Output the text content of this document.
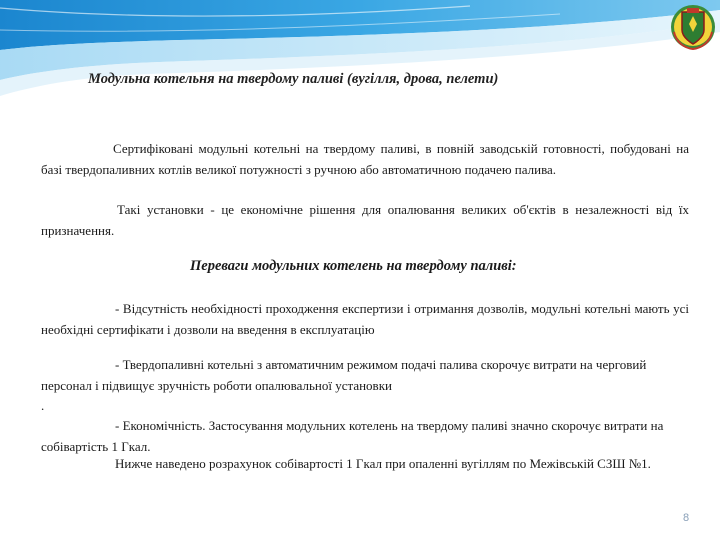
Модульна котельня на твердому паливі (вугілля, дрова, пелети)

Сертифіковані модульні котельні на твердому паливі, в повній заводській готовності, побудовані на базі твердопаливних котлів великої потужності з ручною або автоматичною подачею палива.

Такі установки - це економічне рішення для опалювання великих об'єктів в незалежності від їх призначення.

Переваги модульних котелень на твердому паливі:

- Відсутність необхідності проходження експертизи і отримання дозволів, модульні котельні мають усі необхідні сертифікати і дозволи на введення в експлуатацію

- Твердопаливні котельні з автоматичним режимом подачі палива скорочує витрати на черговий персонал і підвищує зручність роботи опалювальної установки

.

- Економічність. Застосування модульних котелень на твердому паливі значно скорочує витрати на собівартість 1 Гкал.

Нижче наведено розрахунок собівартості 1 Гкал при опаленні вугіллям по Межівській СЗШ №1.

8
